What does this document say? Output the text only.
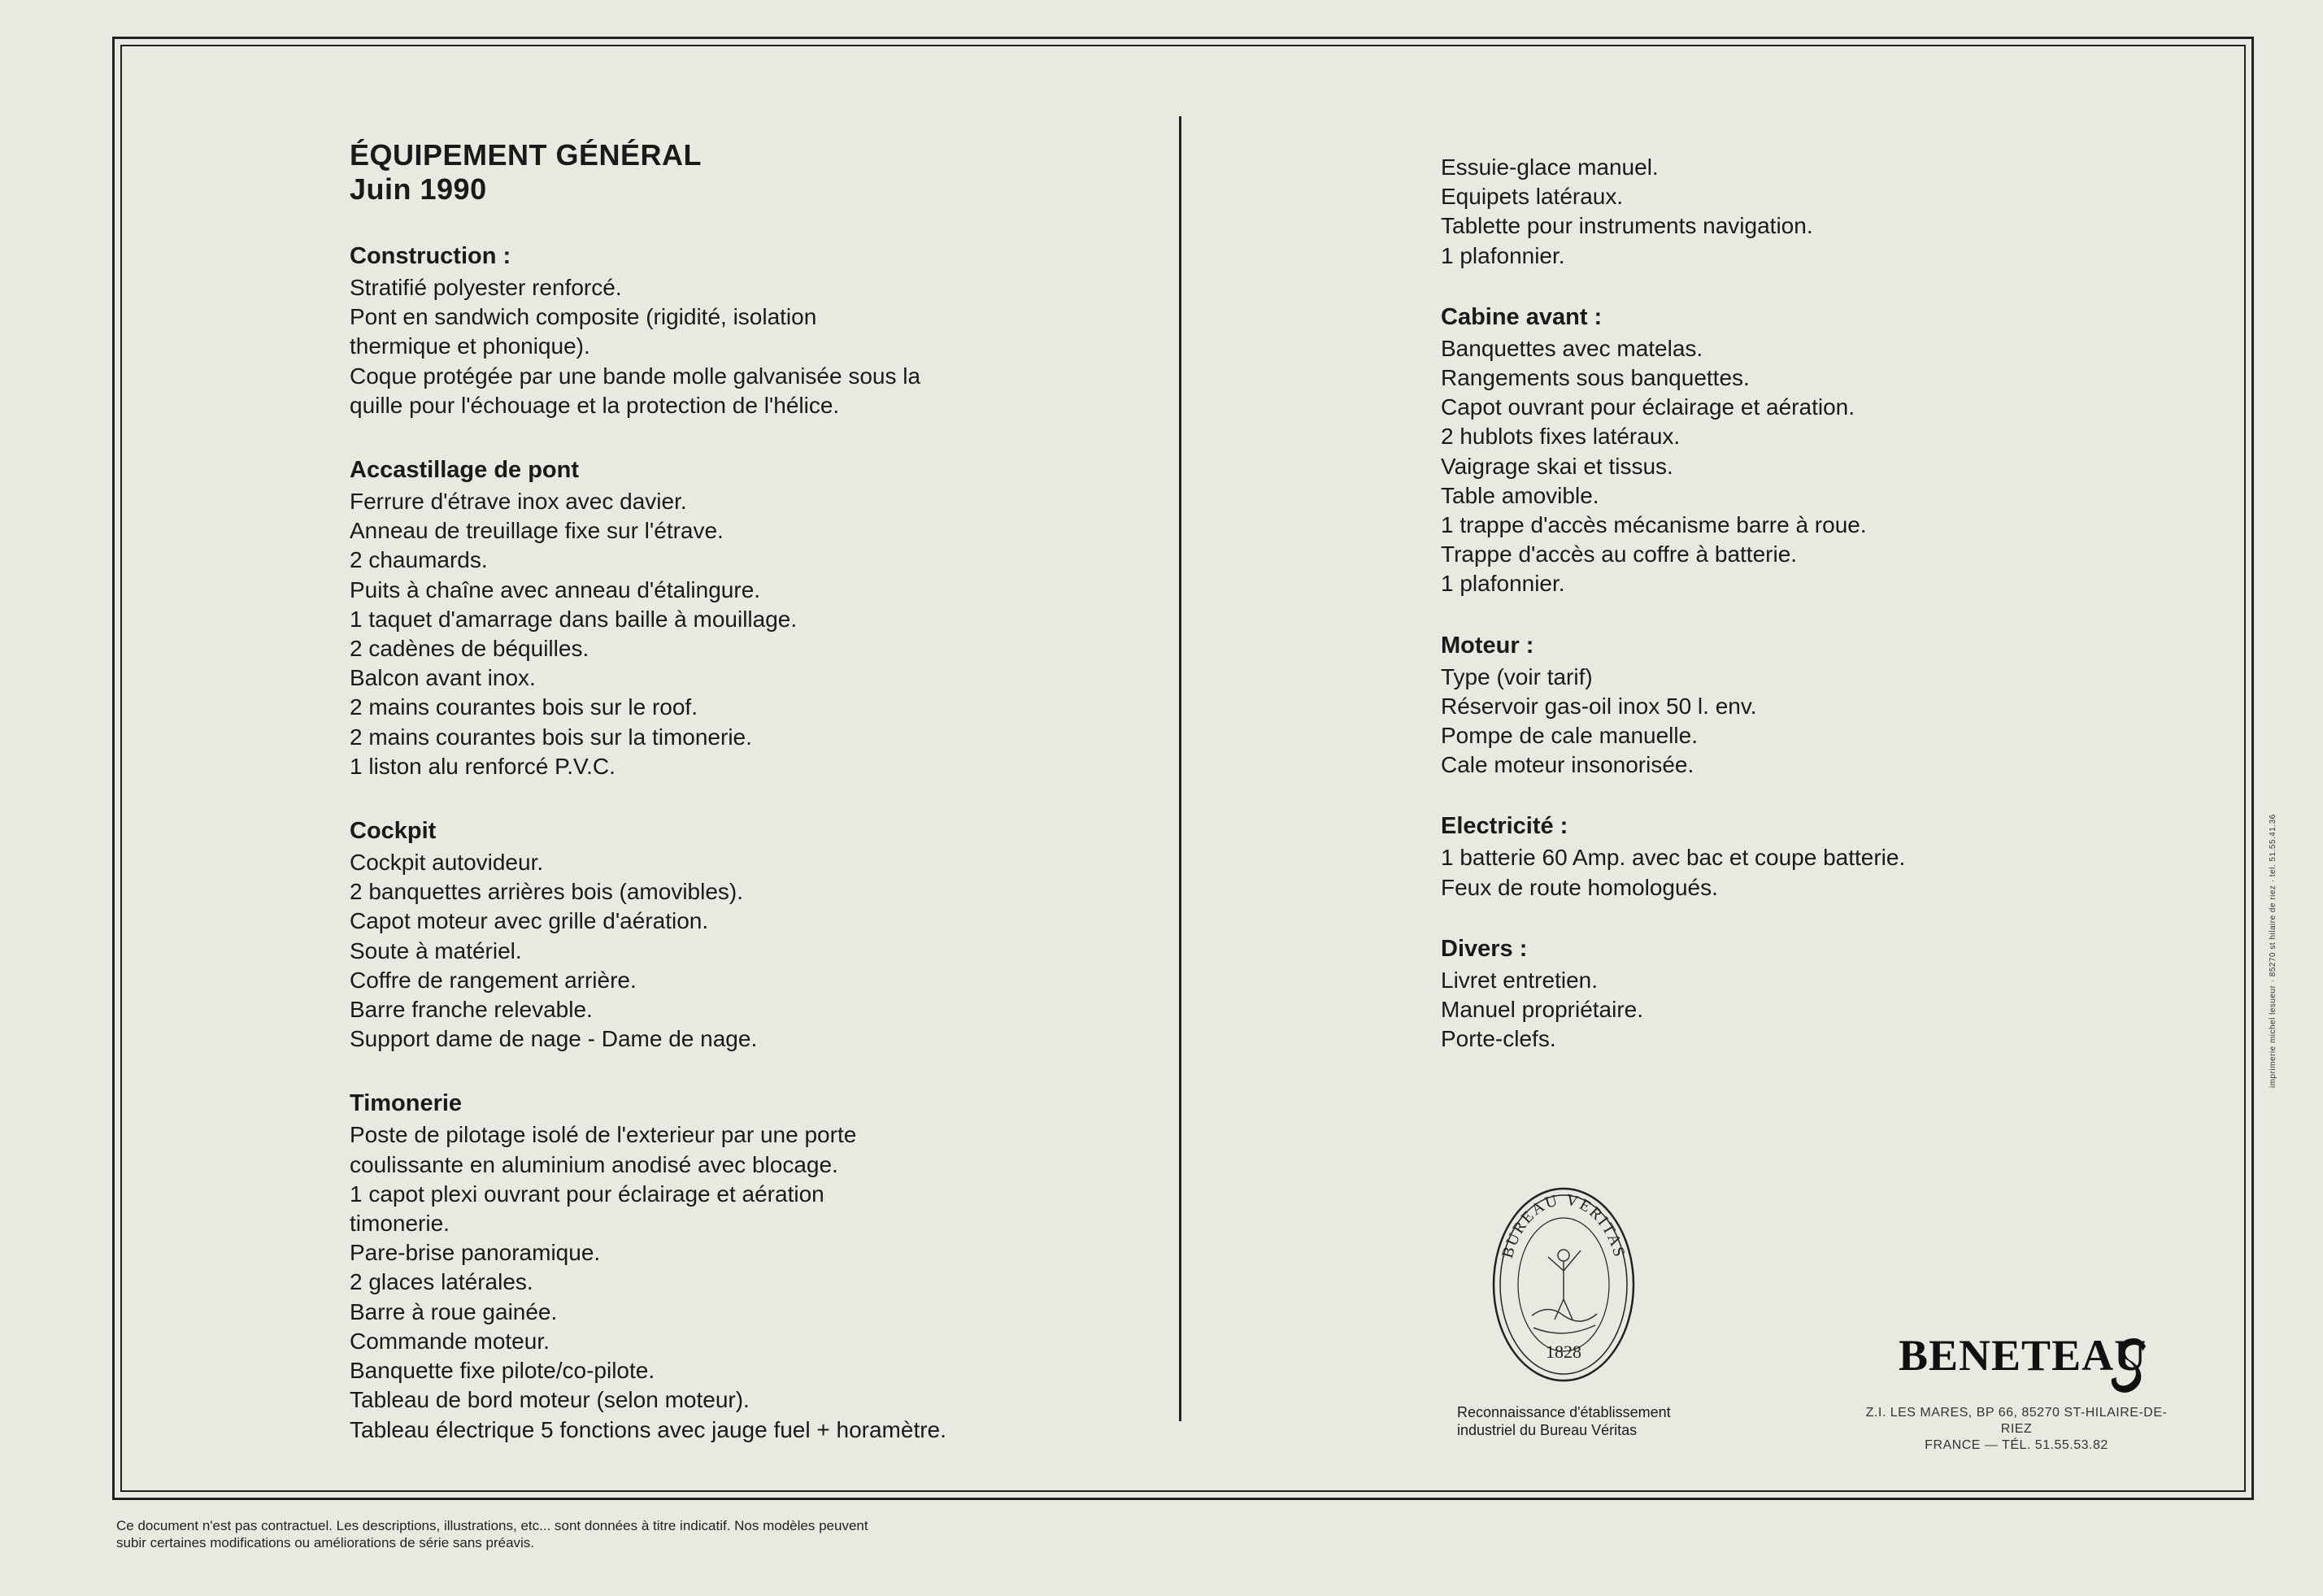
ÉQUIPEMENT GÉNÉRAL

Juin 1990

Construction :

Stratifié polyester renforcé.

Pont en sandwich composite (rigidité, isolation

thermique et phonique).

Coque protégée par une bande molle galvanisée sous la

quille pour l'échouage et la protection de l'hélice.

Accastillage de pont

Ferrure d'étrave inox avec davier.

Anneau de treuillage fixe sur l'étrave.

2 chaumards.

Puits à chaîne avec anneau d'étalingure.

1 taquet d'amarrage dans baille à mouillage.

2 cadènes de béquilles.

Balcon avant inox.

2 mains courantes bois sur le roof.

2 mains courantes bois sur la timonerie.

1 liston alu renforcé P.V.C.

Cockpit

Cockpit autovideur.

2 banquettes arrières bois (amovibles).

Capot moteur avec grille d'aération.

Soute à matériel.

Coffre de rangement arrière.

Barre franche relevable.

Support dame de nage - Dame de nage.

Timonerie

Poste de pilotage isolé de l'exterieur par une porte

coulissante en aluminium anodisé avec blocage.

1 capot plexi ouvrant pour éclairage et aération

timonerie.

Pare-brise panoramique.

2 glaces latérales.

Barre à roue gainée.

Commande moteur.

Banquette fixe pilote/co-pilote.

Tableau de bord moteur (selon moteur).

Tableau électrique 5 fonctions avec jauge fuel + horamètre.

Essuie-glace manuel.

Equipets latéraux.

Tablette pour instruments navigation.

1 plafonnier.

Cabine avant :

Banquettes avec matelas.

Rangements sous banquettes.

Capot ouvrant pour éclairage et aération.

2 hublots fixes latéraux.

Vaigrage skai et tissus.

Table amovible.

1 trappe d'accès mécanisme barre à roue.

Trappe d'accès au coffre à batterie.

1 plafonnier.

Moteur :

Type (voir tarif)

Réservoir gas-oil inox 50 l. env.

Pompe de cale manuelle.

Cale moteur insonorisée.

Electricité :

1 batterie 60 Amp. avec bac et coupe batterie.

Feux de route homologués.

Divers :

Livret entretien.

Manuel propriétaire.

Porte-clefs.

BUREAU VERITAS
1828
Reconnaissance d'établissement
industriel du Bureau Véritas
BENETEAU
Z.I. LES MARES, BP 66, 85270 ST-HILAIRE-DE-RIEZ
FRANCE — TÉL. 51.55.53.82
imprimerie michel lesueur · 85270 st hilaire de riez · tel. 51.55.41.36
Ce document n'est pas contractuel. Les descriptions, illustrations, etc... sont données à titre indicatif. Nos modèles peuvent
subir certaines modifications ou améliorations de série sans préavis.
